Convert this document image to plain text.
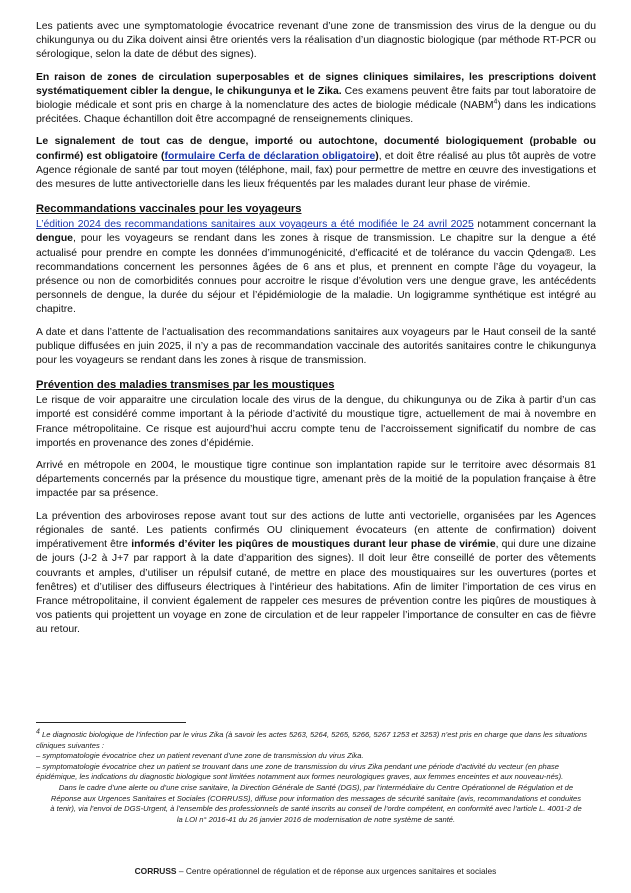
Les patients avec une symptomatologie évocatrice revenant d’une zone de transmission des virus de la dengue ou du chikungunya ou du Zika doivent ainsi être orientés vers la réalisation d’un diagnostic biologique (par méthode RT-PCR ou sérologique, selon la date de début des signes).

En raison de zones de circulation superposables et de signes cliniques similaires, les prescriptions doivent systématiquement cibler la dengue, le chikungunya et le Zika. Ces examens peuvent être faits par tout laboratoire de biologie médicale et sont pris en charge à la nomenclature des actes de biologie médicale (NABM$^4$) dans les indications précitées. Chaque échantillon doit être accompagné de renseignements cliniques.

Le signalement de tout cas de dengue, importé ou autochtone, documenté biologiquement (probable ou confirmé) est obligatoire (formulaire Cerfa de déclaration obligatoire), et doit être réalisé au plus tôt auprès de votre Agence régionale de santé par tout moyen (téléphone, mail, fax) pour permettre de mettre en œuvre des investigations et des mesures de lutte antivectorielle dans les lieux fréquentés par les malades durant leur phase de virémie.

Recommandations vaccinales pour les voyageurs

L’édition 2024 des recommandations sanitaires aux voyageurs a été modifiée le 24 avril 2025 notamment concernant la dengue, pour les voyageurs se rendant dans les zones à risque de transmission. Le chapitre sur la dengue a été actualisé pour prendre en compte les données d’immunogénicité, d’efficacité et de tolérance du vaccin Qdenga®. Les recommandations concernent les personnes âgées de 6 ans et plus, et prennent en compte l’âge du voyageur, la présence ou non de comorbidités connues pour accroitre le risque d’évolution vers une dengue grave, les antécédents personnels de dengue, la durée du séjour et l’épidémiologie de la maladie. Un logigramme synthétique est intégré au chapitre.

A date et dans l’attente de l’actualisation des recommandations sanitaires aux voyageurs par le Haut conseil de la santé publique diffusées en juin 2025, il n’y a pas de recommandation vaccinale des autorités sanitaires contre le chikungunya pour les voyageurs se rendant dans les zones à risque de transmission.

Prévention des maladies transmises par les moustiques

Le risque de voir apparaitre une circulation locale des virus de la dengue, du chikungunya ou de Zika à partir d’un cas importé est considéré comme important à la période d’activité du moustique tigre, actuellement de mai à novembre en France métropolitaine. Ce risque est aujourd’hui accru compte tenu de l’accroissement significatif du nombre de cas importés en provenance des zones d’épidémie.

Arrivé en métropole en 2004, le moustique tigre continue son implantation rapide sur le territoire avec désormais 81 départements concernés par la présence du moustique tigre, amenant près de la moitié de la population française à être impactée par sa présence.

La prévention des arboviroses repose avant tout sur des actions de lutte anti vectorielle, organisées par les Agences régionales de santé. Les patients confirmés OU cliniquement évocateurs (en attente de confirmation) doivent impérativement être informés d’éviter les piqûres de moustiques durant leur phase de virémie, qui dure une dizaine de jours (J-2 à J+7 par rapport à la date d’apparition des signes). Il doit leur être conseillé de porter des vêtements couvrants et amples, d’utiliser un répulsif cutané, de mettre en place des moustiquaires sur les ouvertures (portes et fenêtres) et d’utiliser des diffuseurs électriques à l’intérieur des habitations. Afin de limiter l’importation de ces virus en France métropolitaine, il convient également de rappeler ces mesures de prévention contre les piqûres de moustiques à vos patients qui projettent un voyage en zone de circulation et de leur rappeler l’importance de consulter en cas de fièvre au retour.

$^4$ Le diagnostic biologique de l’infection par le virus Zika (à savoir les actes 5263, 5264, 5265, 5266, 5267 1253 et 3253) n’est pris en charge que dans les situations cliniques suivantes :

– symptomatologie évocatrice chez un patient revenant d’une zone de transmission du virus Zika.

– symptomatologie évocatrice chez un patient se trouvant dans une zone de transmission du virus Zika pendant une période d’activité du vecteur (en phase épidémique, les indications du diagnostic biologique sont limitées notamment aux formes neurologiques graves, aux femmes enceintes et aux nouveau-nés).

Dans le cadre d’une alerte ou d’une crise sanitaire, la Direction Générale de Santé (DGS), par l’intermédiaire du Centre Opérationnel de Régulation et de Réponse aux Urgences Sanitaires et Sociales (CORRUSS), diffuse pour information des messages de sécurité sanitaire (avis, recommandations et conduites à tenir), via l’envoi de DGS-Urgent, à l’ensemble des professionnels de santé inscrits au conseil de l’ordre compétent, en conformité avec l’article L. 4001-2 de la LOI n° 2016-41 du 26 janvier 2016 de modernisation de notre système de santé.

CORRUSS – Centre opérationnel de régulation et de réponse aux urgences sanitaires et sociales
